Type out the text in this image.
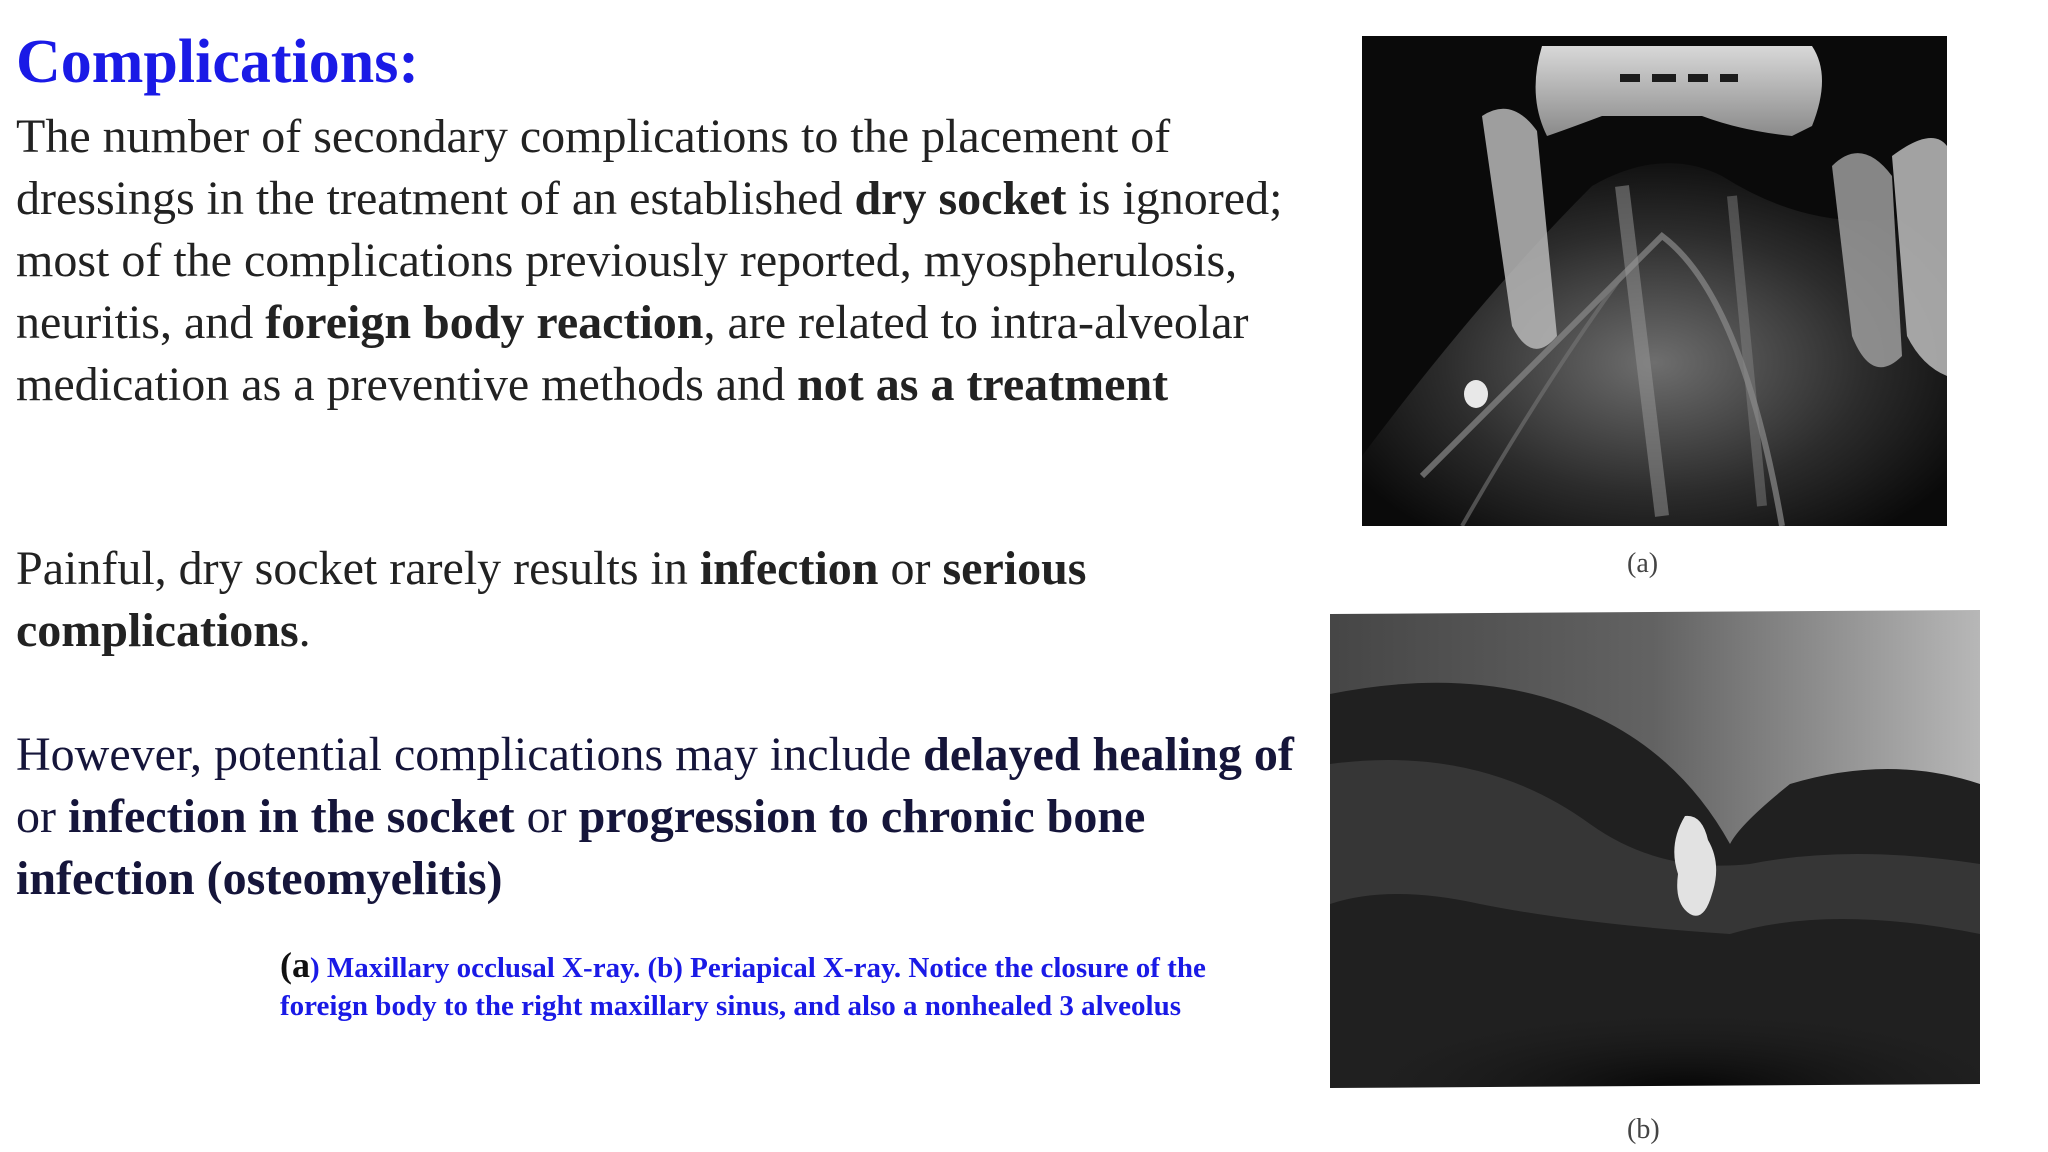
Complications:

The number of secondary complications to the placement of dressings in the treatment of an established dry socket is ignored; most of the complications previously reported, myospherulosis, neuritis, and foreign body reaction, are related to intra-alveolar medication as a preventive methods and not as a treatment

Painful, dry socket rarely results in infection or serious complications.

However, potential complications may include delayed healing of or infection in the socket or progression to chronic bone infection (osteomyelitis)

(a) Maxillary occlusal X-ray. (b) Periapical X-ray. Notice the closure of the foreign body to the right maxillary sinus, and also a nonhealed 3 alveolus

(a)
(b)
